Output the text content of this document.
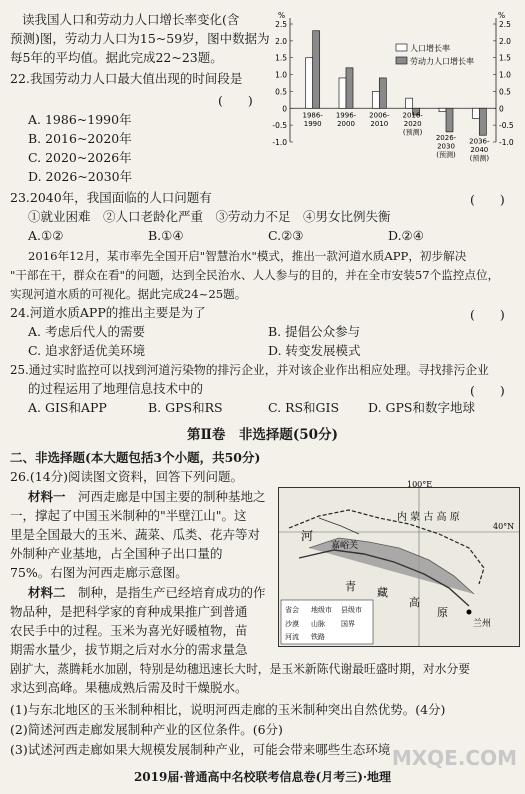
读我国人口和劳动力人口增长率变化(含
预测)图，劳动力人口为15~59岁，图中数据为
每5年的平均值。据此完成22~23题。
22.我国劳动力人口最大值出现的时间段是
(　　)
A. 1986~1990年
B. 2016~2020年
C. 2020~2026年
D. 2026~2030年
-1.0	-1.0
-0.5	-0.5
0	0
0.5	0.5
1.0	1.0
1.5	1.5
2.0	2.0
2.5	2.5
%	%
1986-
1990
1996-
2000
2006-
2010
2016-
2020
(预测)
2026-
2030
(预测)
2036-
2040
(预测)
人口增长率
劳动力人口增长率
23.2040年，我国面临的人口问题有	(　　)
①就业困难　②人口老龄化严重　③劳动力不足　④男女比例失衡
A.①②	B.①④	C.②③	D.②④
2016年12月，某市率先全国开启"智慧治水"模式，推出一款河道水质APP，初步解决
"干部在干，群众在看"的问题，达到全民治水、人人参与的目的，并在全市安装57个监控点位，
实现河道水质的可视化。据此完成24~25题。
24.河道水质APP的推出主要是为了	(　　)
A. 考虑后代人的需要	B. 提倡公众参与
C. 追求舒适优美环境	D. 转变发展模式
25.通过实时监控可以找到河道污染物的排污企业，并对该企业作出相应处理。寻找排污企业
的过程运用了地理信息技术中的	(　　)
A. GIS和APP	B. GPS和RS	C. RS和GIS D. GPS和数字地球
第Ⅱ卷　非选择题(50分)
二、非选择题(本大题包括3个小题，共50分)
26.(14分)阅读图文资料，回答下列问题。
材料一　 河西走廊是中国主要的制种基地之
一，撑起了中国玉米制种的"半壁江山"。这
里是全国最大的玉米、蔬菜、瓜类、花卉等对
外制种产业基地，占全国种子出口量的
75%。右图为河西走廊示意图。
材料二　 制种，是指生产已经培育成功的作
物品种，是把科学家的育种成果推广到普通
农民手中的过程。玉米为喜光好暖植物，苗
期需水量少，拔节期之后对水分的需求量急
剧扩大，蒸腾耗水加剧，特别是幼穗迅速长大时，是玉米新陈代谢最旺盛时期，对水分要
求达到高峰。果穗成熟后需及时干燥脱水。
(1)与东北地区的玉米制种相比，说明河西走廊的玉米制种突出自然优势。(4分)
(2)简述河西走廊发展制种产业的区位条件。(6分)
(3)试述河西走廊如果大规模发展制种产业，可能会带来哪些生态环境
100°E
40°N
内 蒙 古 高 原
嘉峪关
河
青 藏
高
原
兰州
省会 地级市 县级市
沙漠 山脉 国界
河流 铁路
MXQE.COM
2019届·普通高中名校联考信息卷(月考三)·地理
